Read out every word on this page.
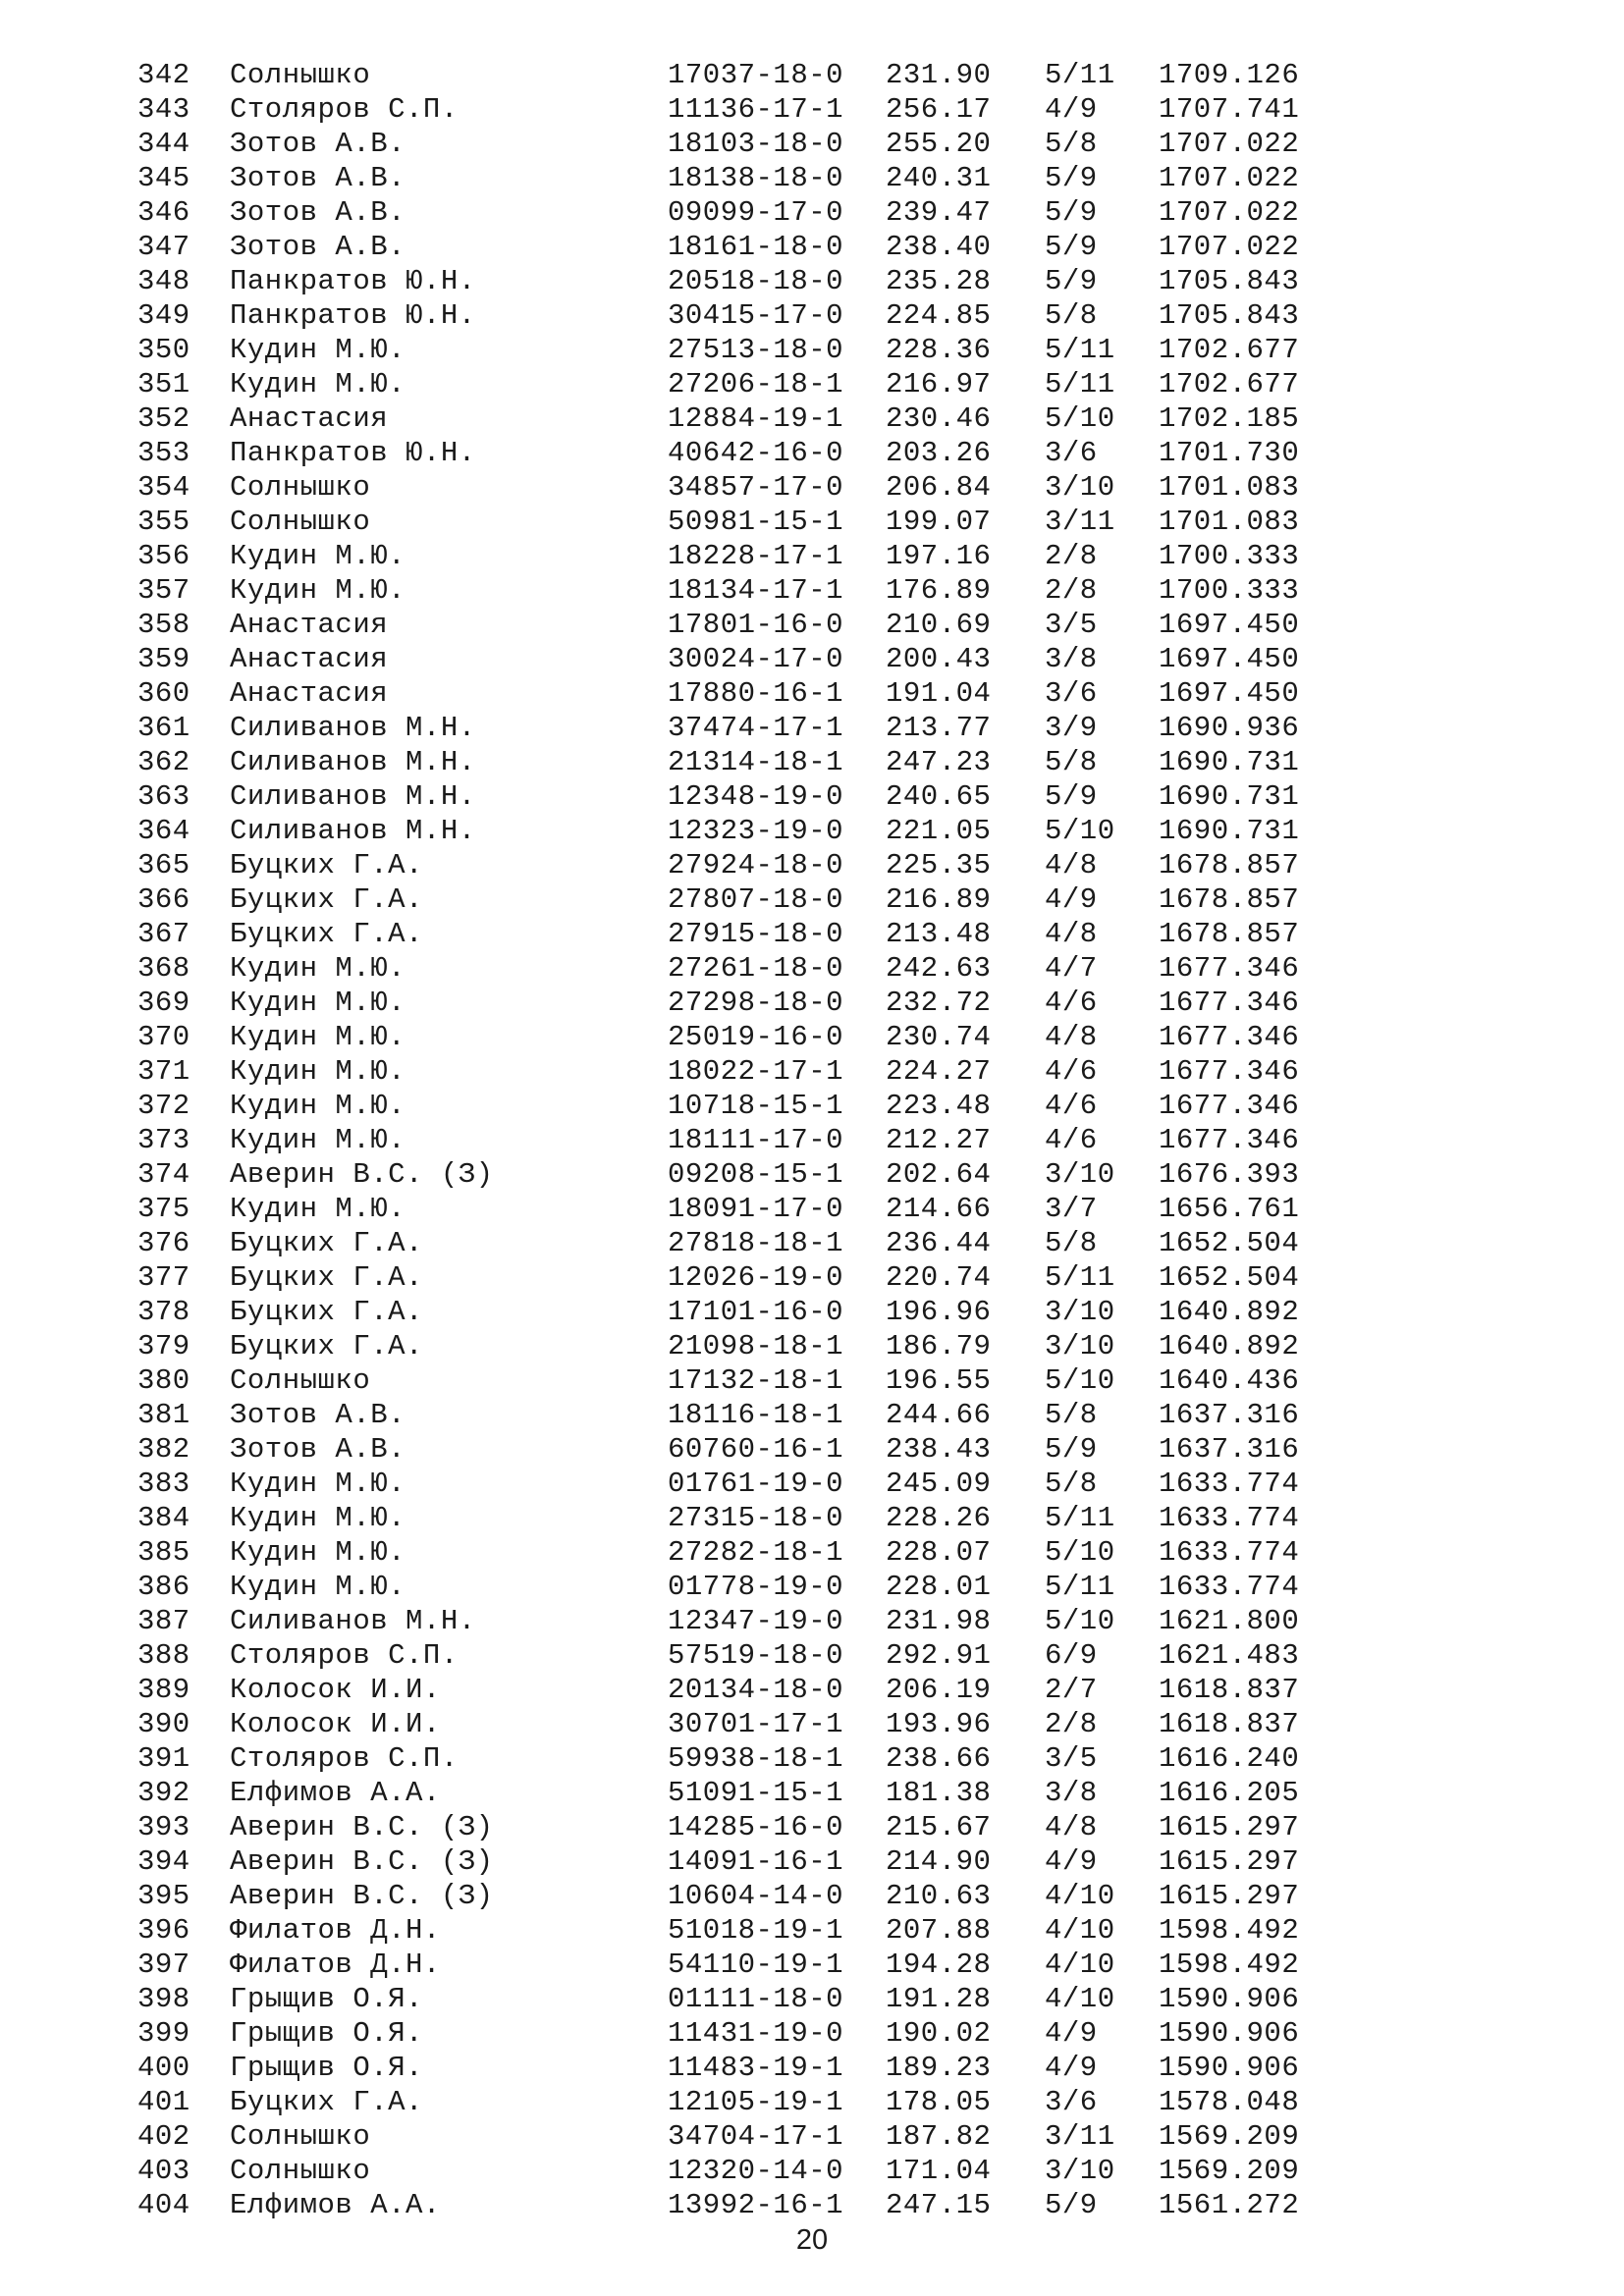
342	Солнышко	17037-18-0	231.90	5/11	1709.126
343	Столяров С.П.	11136-17-1	256.17	4/9	1707.741
344	Зотов А.В.	18103-18-0	255.20	5/8	1707.022
345	Зотов А.В.	18138-18-0	240.31	5/9	1707.022
346	Зотов А.В.	09099-17-0	239.47	5/9	1707.022
347	Зотов А.В.	18161-18-0	238.40	5/9	1707.022
348	Панкратов Ю.Н.	20518-18-0	235.28	5/9	1705.843
349	Панкратов Ю.Н.	30415-17-0	224.85	5/8	1705.843
350	Кудин М.Ю.	27513-18-0	228.36	5/11	1702.677
351	Кудин М.Ю.	27206-18-1	216.97	5/11	1702.677
352	Анастасия	12884-19-1	230.46	5/10	1702.185
353	Панкратов Ю.Н.	40642-16-0	203.26	3/6	1701.730
354	Солнышко	34857-17-0	206.84	3/10	1701.083
355	Солнышко	50981-15-1	199.07	3/11	1701.083
356	Кудин М.Ю.	18228-17-1	197.16	2/8	1700.333
357	Кудин М.Ю.	18134-17-1	176.89	2/8	1700.333
358	Анастасия	17801-16-0	210.69	3/5	1697.450
359	Анастасия	30024-17-0	200.43	3/8	1697.450
360	Анастасия	17880-16-1	191.04	3/6	1697.450
361	Силиванов М.Н.	37474-17-1	213.77	3/9	1690.936
362	Силиванов М.Н.	21314-18-1	247.23	5/8	1690.731
363	Силиванов М.Н.	12348-19-0	240.65	5/9	1690.731
364	Силиванов М.Н.	12323-19-0	221.05	5/10	1690.731
365	Буцких Г.А.	27924-18-0	225.35	4/8	1678.857
366	Буцких Г.А.	27807-18-0	216.89	4/9	1678.857
367	Буцких Г.А.	27915-18-0	213.48	4/8	1678.857
368	Кудин М.Ю.	27261-18-0	242.63	4/7	1677.346
369	Кудин М.Ю.	27298-18-0	232.72	4/6	1677.346
370	Кудин М.Ю.	25019-16-0	230.74	4/8	1677.346
371	Кудин М.Ю.	18022-17-1	224.27	4/6	1677.346
372	Кудин М.Ю.	10718-15-1	223.48	4/6	1677.346
373	Кудин М.Ю.	18111-17-0	212.27	4/6	1677.346
374	Аверин В.С. (З)	09208-15-1	202.64	3/10	1676.393
375	Кудин М.Ю.	18091-17-0	214.66	3/7	1656.761
376	Буцких Г.А.	27818-18-1	236.44	5/8	1652.504
377	Буцких Г.А.	12026-19-0	220.74	5/11	1652.504
378	Буцких Г.А.	17101-16-0	196.96	3/10	1640.892
379	Буцких Г.А.	21098-18-1	186.79	3/10	1640.892
380	Солнышко	17132-18-1	196.55	5/10	1640.436
381	Зотов А.В.	18116-18-1	244.66	5/8	1637.316
382	Зотов А.В.	60760-16-1	238.43	5/9	1637.316
383	Кудин М.Ю.	01761-19-0	245.09	5/8	1633.774
384	Кудин М.Ю.	27315-18-0	228.26	5/11	1633.774
385	Кудин М.Ю.	27282-18-1	228.07	5/10	1633.774
386	Кудин М.Ю.	01778-19-0	228.01	5/11	1633.774
387	Силиванов М.Н.	12347-19-0	231.98	5/10	1621.800
388	Столяров С.П.	57519-18-0	292.91	6/9	1621.483
389	Колосок И.И.	20134-18-0	206.19	2/7	1618.837
390	Колосок И.И.	30701-17-1	193.96	2/8	1618.837
391	Столяров С.П.	59938-18-1	238.66	3/5	1616.240
392	Елфимов А.А.	51091-15-1	181.38	3/8	1616.205
393	Аверин В.С. (З)	14285-16-0	215.67	4/8	1615.297
394	Аверин В.С. (З)	14091-16-1	214.90	4/9	1615.297
395	Аверин В.С. (З)	10604-14-0	210.63	4/10	1615.297
396	Филатов Д.Н.	51018-19-1	207.88	4/10	1598.492
397	Филатов Д.Н.	54110-19-1	194.28	4/10	1598.492
398	Грыщив О.Я.	01111-18-0	191.28	4/10	1590.906
399	Грыщив О.Я.	11431-19-0	190.02	4/9	1590.906
400	Грыщив О.Я.	11483-19-1	189.23	4/9	1590.906
401	Буцких Г.А.	12105-19-1	178.05	3/6	1578.048
402	Солнышко	34704-17-1	187.82	3/11	1569.209
403	Солнышко	12320-14-0	171.04	3/10	1569.209
404	Елфимов А.А.	13992-16-1	247.15	5/9	1561.272
20
